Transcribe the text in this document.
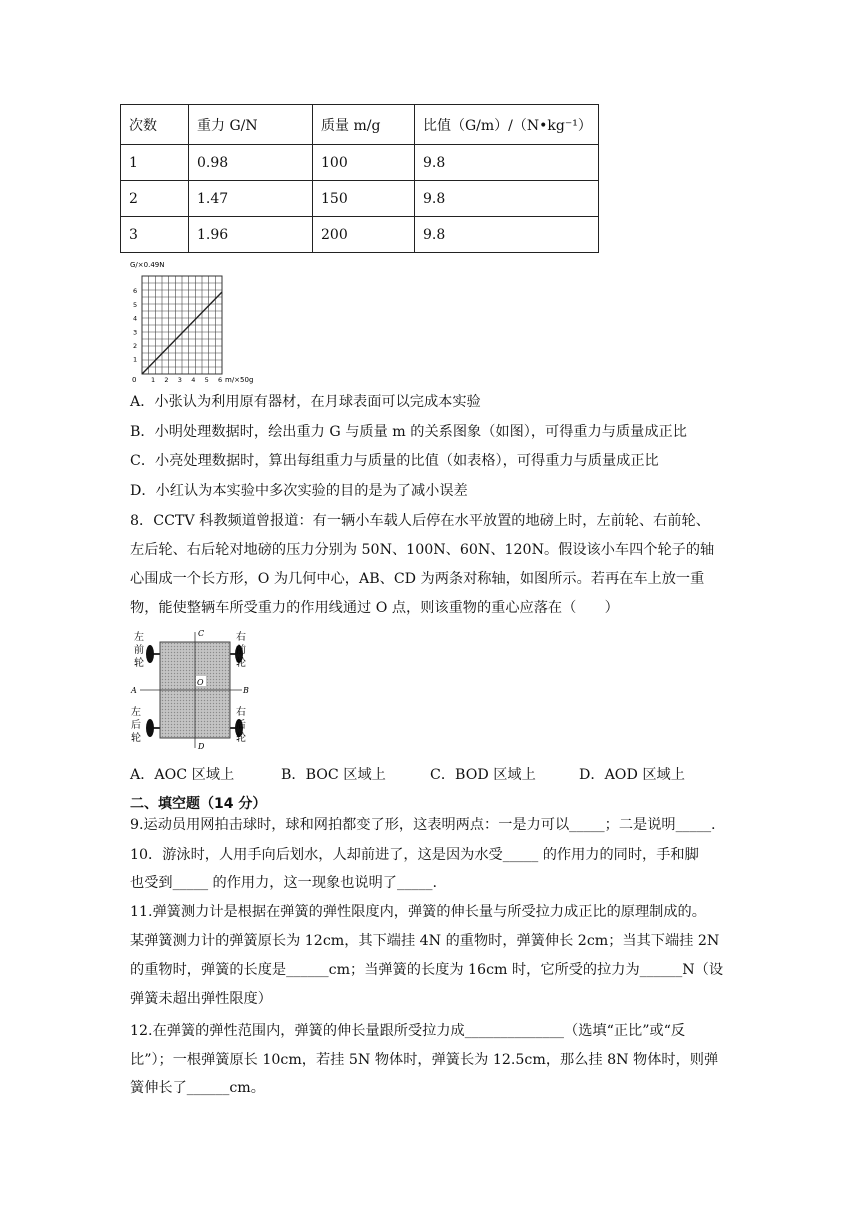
次数	重力 G/N	质量 m/g	比值（G/m）/（N•kg⁻¹）
1	0.98	100	9.8
2	1.47	150	9.8
3	1.96	200	9.8
G/×0.49N
m/×50g
0
1
2
3
4
5
6
1 2 3 4 5 6
A．小张认为利用原有器材，在月球表面可以完成本实验
B．小明处理数据时，绘出重力 G 与质量 m 的关系图象（如图），可得重力与质量成正比
C．小亮处理数据时，算出每组重力与质量的比值（如表格），可得重力与质量成正比
D．小红认为本实验中多次实验的目的是为了减小误差
8．CCTV 科教频道曾报道：有一辆小车载人后停在水平放置的地磅上时，左前轮、右前轮、
左后轮、右后轮对地磅的压力分别为 50N、100N、60N、120N。假设该小车四个轮子的轴
心围成一个长方形，O 为几何中心，AB、CD 为两条对称轴，如图所示。若再在车上放一重
物，能使整辆车所受重力的作用线通过 O 点，则该重物的重心应落在（　　）
O
A	B
C
D
左
前
轮
右
前
轮
左
后
轮
右
后
轮
A．AOC 区域上	B．BOC 区域上	C．BOD 区域上	D．AOD 区域上
二、填空题（14 分）
9.运动员用网拍击球时，球和网拍都变了形，这表明两点：一是力可以_____；二是说明_____.
10．游泳时，人用手向后划水，人却前进了，这是因为水受_____ 的作用力的同时，手和脚
也受到_____ 的作用力，这一现象也说明了_____.
11.弹簧测力计是根据在弹簧的弹性限度内，弹簧的伸长量与所受拉力成正比的原理制成的。
某弹簧测力计的弹簧原长为 12cm，其下端挂 4N 的重物时，弹簧伸长 2cm；当其下端挂 2N
的重物时，弹簧的长度是______cm；当弹簧的长度为 16cm 时，它所受的拉力为______N（设
弹簧未超出弹性限度）
12.在弹簧的弹性范围内，弹簧的伸长量跟所受拉力成______________（选填“正比”或“反
比”）；一根弹簧原长 10cm，若挂 5N 物体时，弹簧长为 12.5cm，那么挂 8N 物体时，则弹
簧伸长了______cm。
